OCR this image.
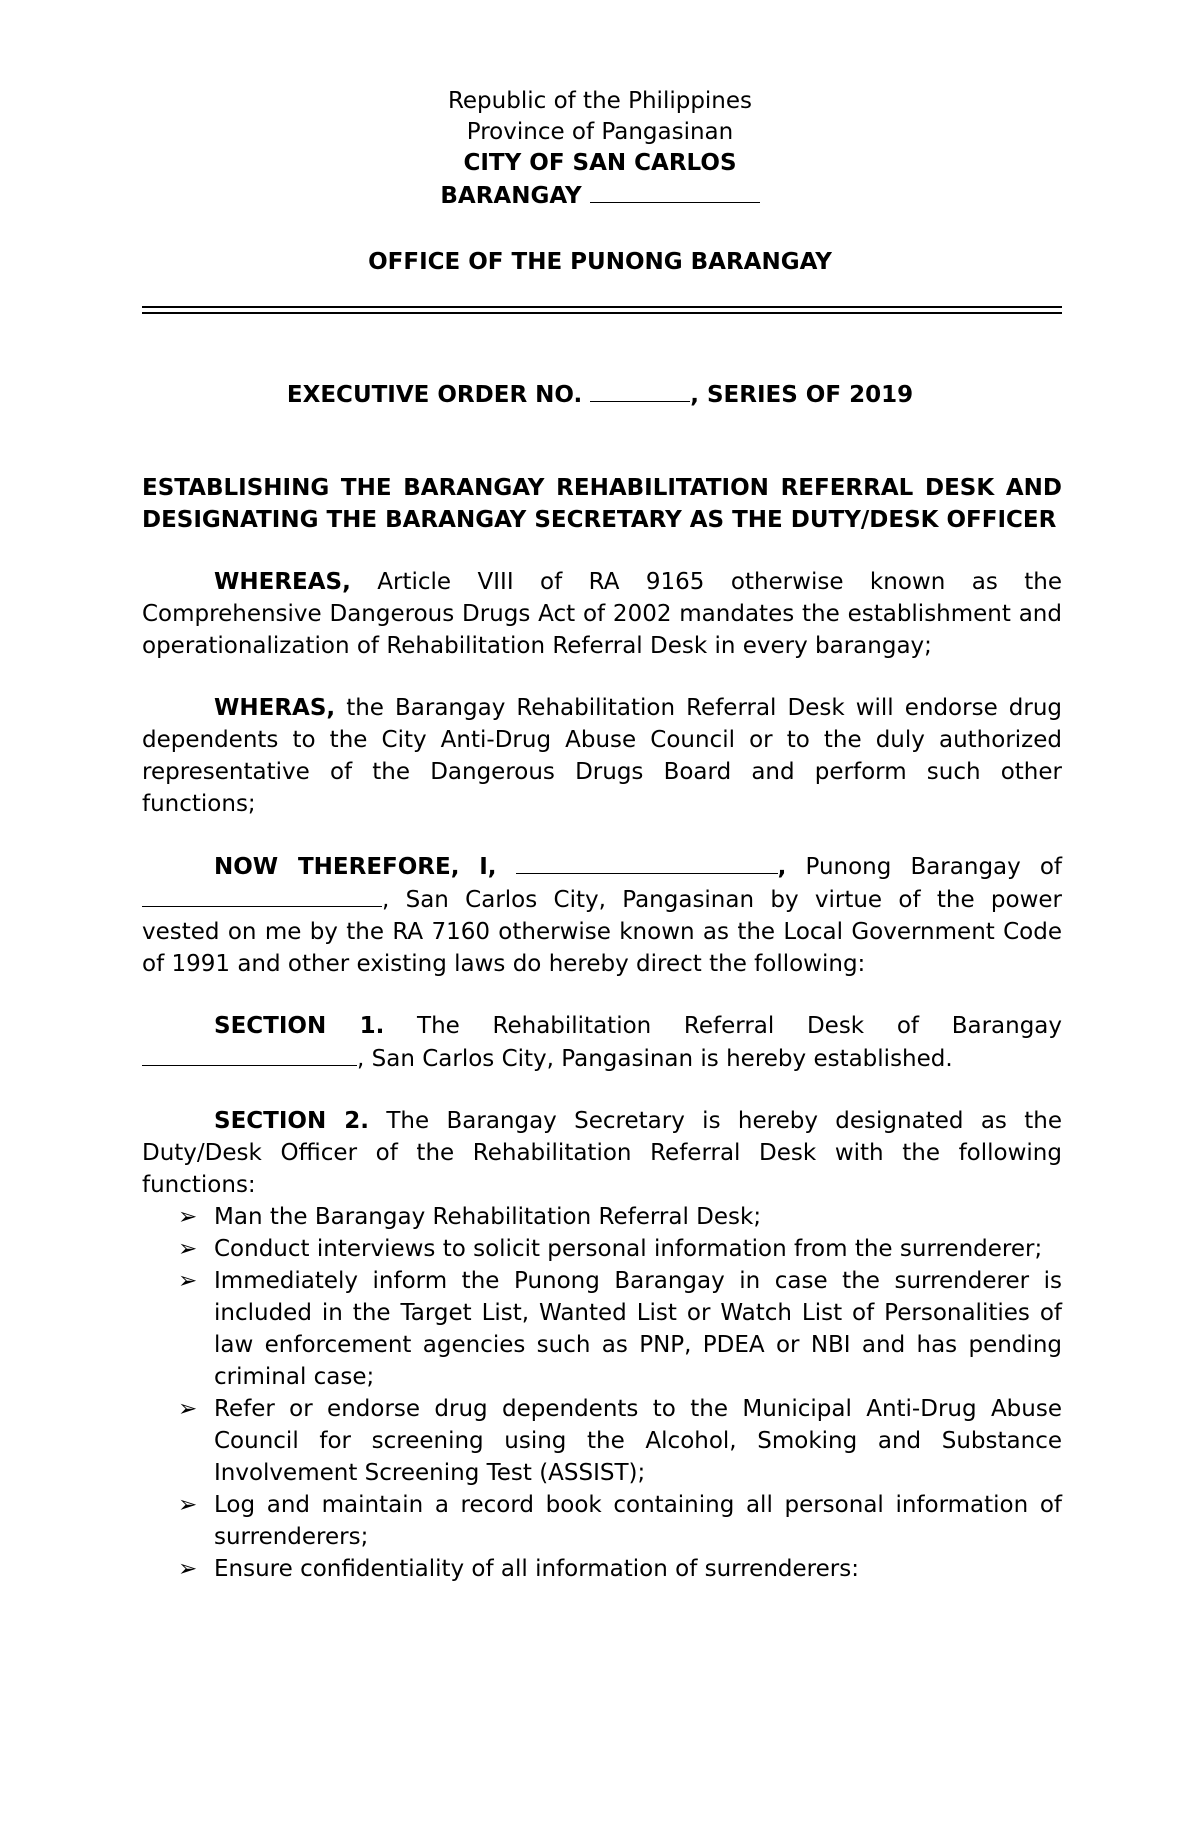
Republic of the Philippines
Province of Pangasinan
CITY OF SAN CARLOS
BARANGAY
OFFICE OF THE PUNONG BARANGAY
EXECUTIVE ORDER NO.	, SERIES OF 2019
ESTABLISHING THE BARANGAY REHABILITATION REFERRAL DESK AND DESIGNATING THE BARANGAY SECRETARY AS THE DUTY/DESK OFFICER

WHEREAS, Article VIII of RA 9165 otherwise known as the Comprehensive Dangerous Drugs Act of 2002 mandates the establishment and operationalization of Rehabilitation Referral Desk in every barangay;

WHERAS, the Barangay Rehabilitation Referral Desk will endorse drug dependents to the City Anti-Drug Abuse Council or to the duly authorized representative of the Dangerous Drugs Board and perform such other functions;

NOW THEREFORE, I,	, Punong Barangay of , San Carlos City, Pangasinan by virtue of the power vested on me by the RA 7160 otherwise known as the Local Government Code of 1991 and other existing laws do hereby direct the following:

SECTION 1. The Rehabilitation Referral Desk of Barangay , San Carlos City, Pangasinan is hereby established.

SECTION 2. The Barangay Secretary is hereby designated as the Duty/Desk Officer of the Rehabilitation Referral Desk with the following functions:

➢ Man the Barangay Rehabilitation Referral Desk;
➢ Conduct interviews to solicit personal information from the surrenderer;
➢ Immediately inform the Punong Barangay in case the surrenderer is included in the Target List, Wanted List or Watch List of Personalities of law enforcement agencies such as PNP, PDEA or NBI and has pending criminal case;
➢ Refer or endorse drug dependents to the Municipal Anti-Drug Abuse Council for screening using the Alcohol, Smoking and Substance Involvement Screening Test (ASSIST);
➢ Log and maintain a record book containing all personal information of surrenderers;
➢ Ensure confidentiality of all information of surrenderers:
